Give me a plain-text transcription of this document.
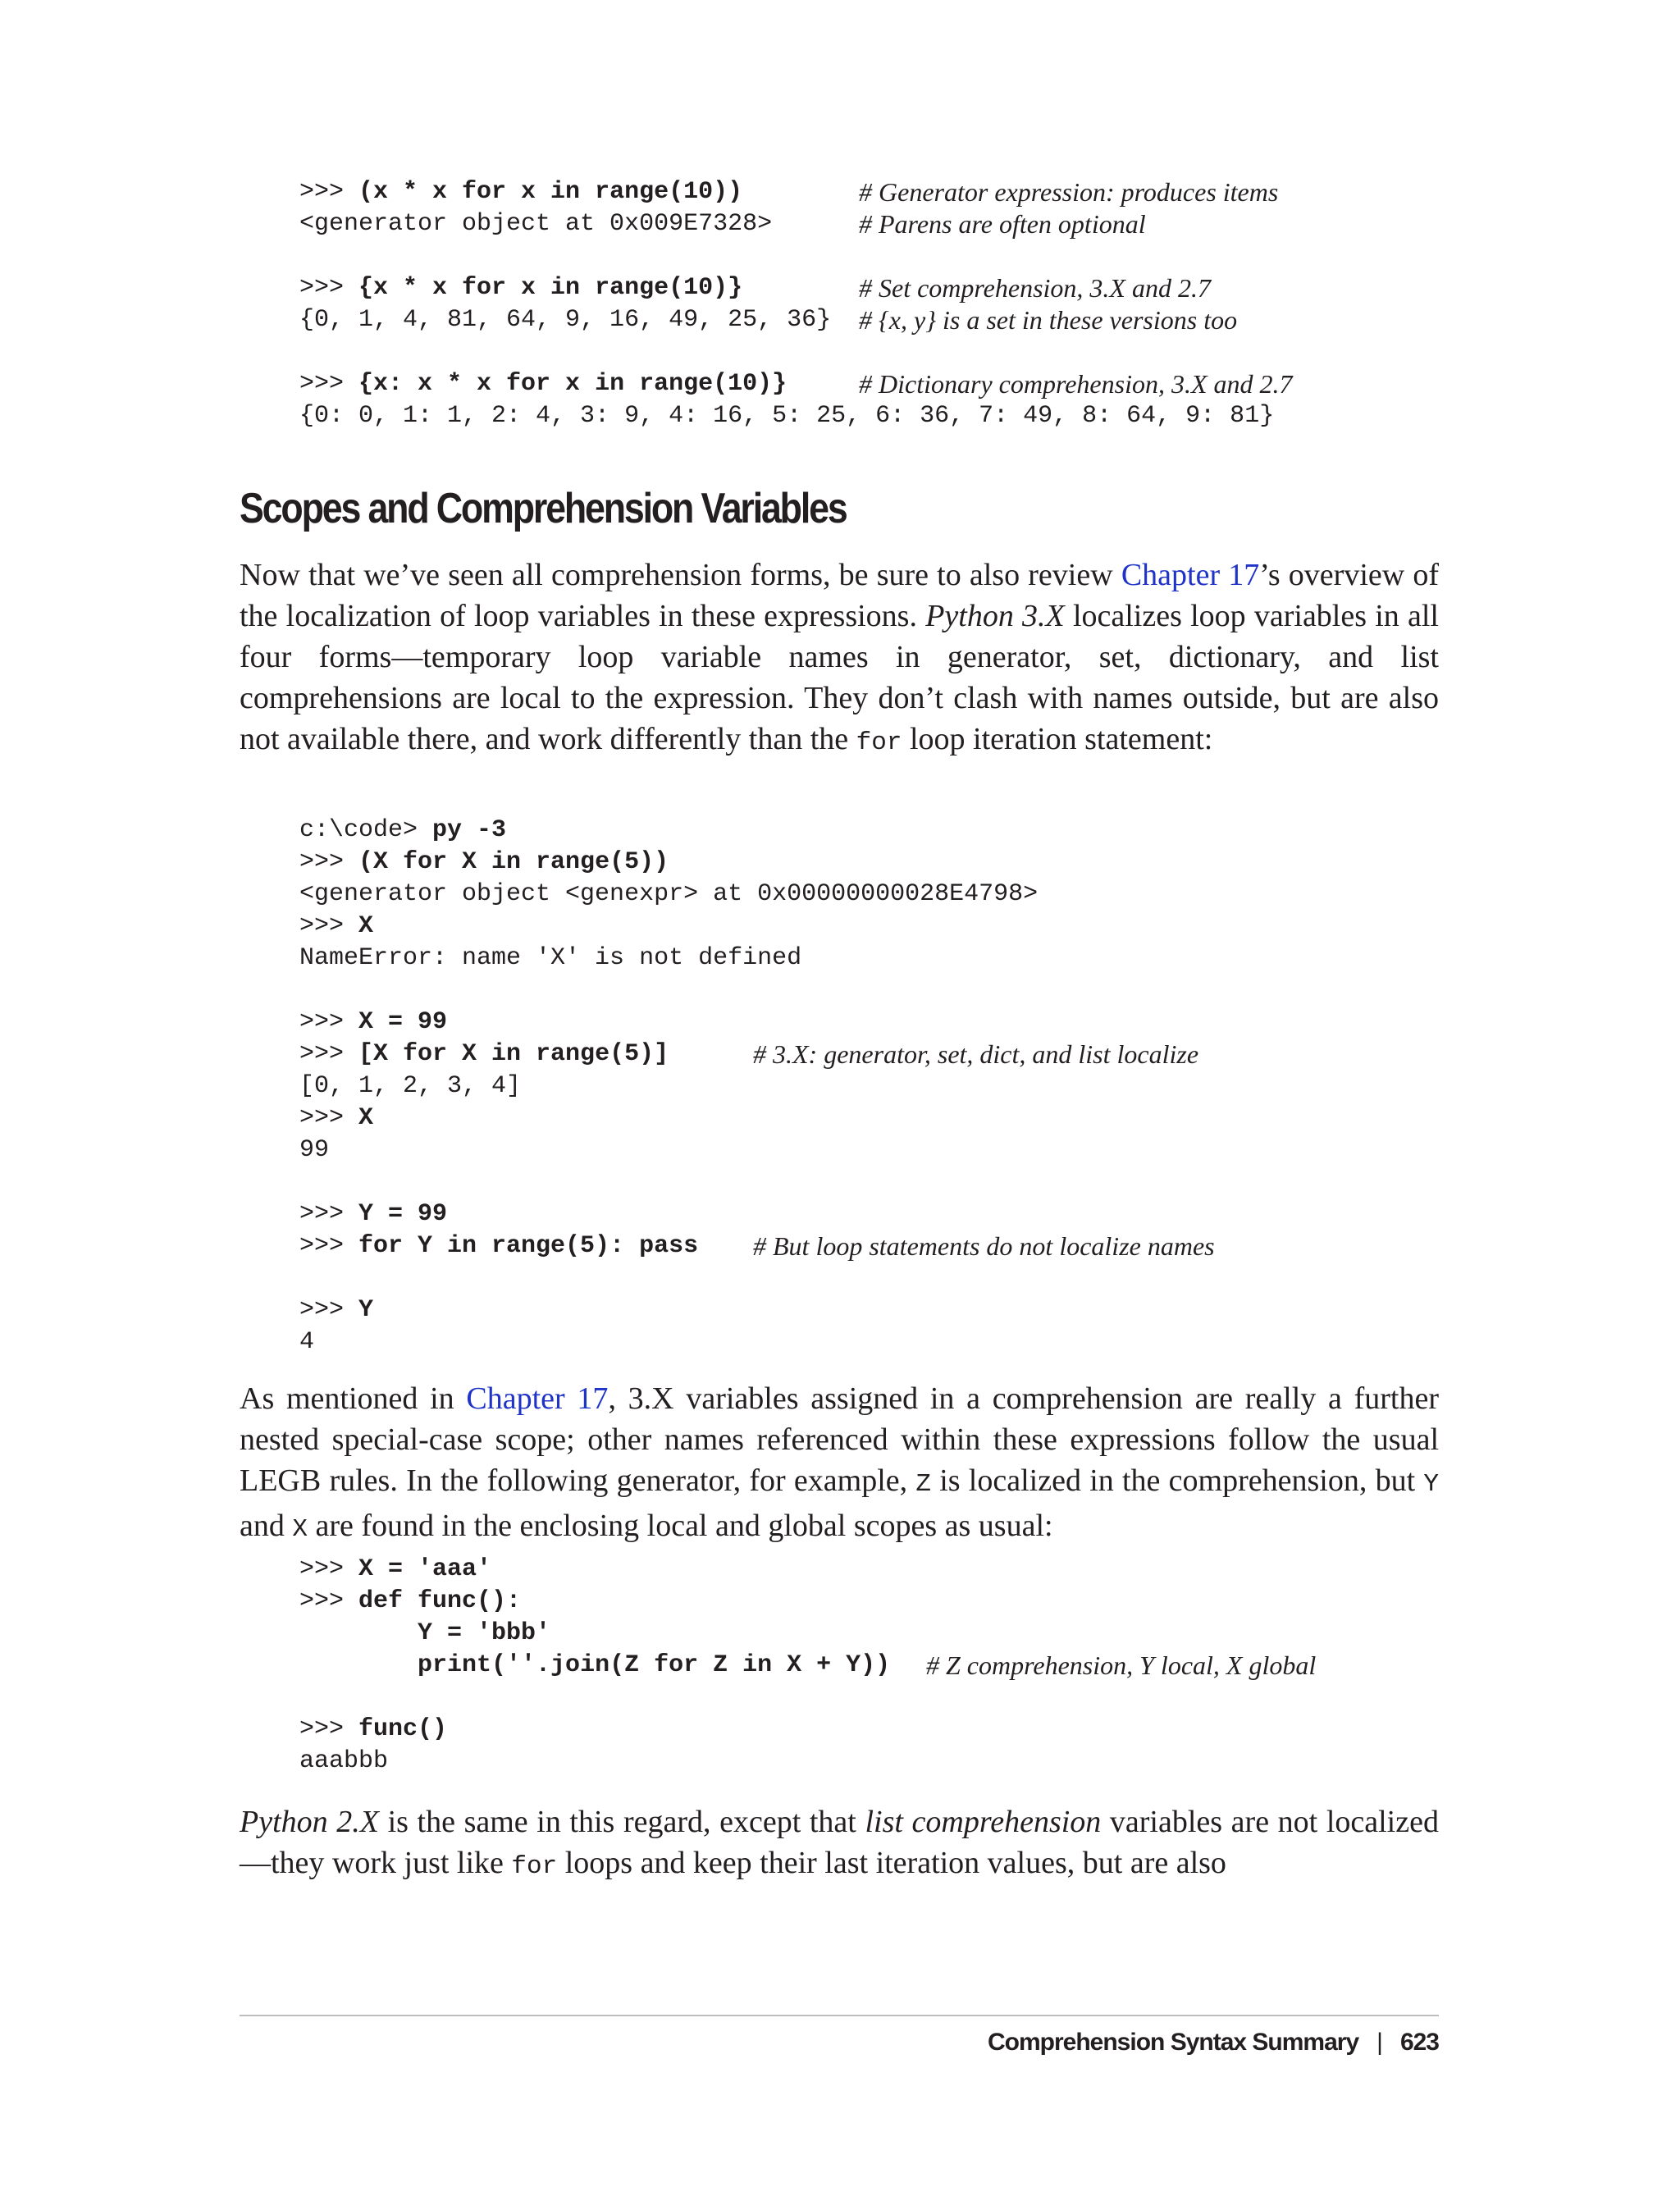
>>> (x * x for x in range(10))	# Generator expression: produces items
<generator object at 0x009E7328>	# Parens are often optional
>>> {x * x for x in range(10)}	# Set comprehension, 3.X and 2.7
{0, 1, 4, 81, 64, 9, 16, 49, 25, 36} # {x, y} is a set in these versions too
>>> {x: x * x for x in range(10)}	# Dictionary comprehension, 3.X and 2.7
{0: 0, 1: 1, 2: 4, 3: 9, 4: 16, 5: 25, 6: 36, 7: 49, 8: 64, 9: 81}
Scopes and Comprehension Variables

Now that we’ve seen all comprehension forms, be sure to also review Chapter 17’s overview of the localization of loop variables in these expressions. Python 3.X localizes loop variables in all four forms—temporary loop variable names in generator, set, dictionary, and list comprehensions are local to the expression. They don’t clash with names outside, but are also not available there, and work differently than the for loop iteration statement:

c:\code> py -3
>>> (X for X in range(5))
<generator object <genexpr> at 0x00000000028E4798>
>>> X
NameError: name 'X' is not defined
>>> X = 99
>>> [X for X in range(5)]	# 3.X: generator, set, dict, and list localize
[0, 1, 2, 3, 4]
>>> X
99
>>> Y = 99
>>> for Y in range(5): pass # But loop statements do not localize names
>>> Y
4

As mentioned in Chapter 17, 3.X variables assigned in a comprehension are really a further nested special-case scope; other names referenced within these expressions follow the usual LEGB rules. In the following generator, for example, Z is localized in the comprehension, but Y and X are found in the enclosing local and global scopes as usual:

>>> X = 'aaa'
>>> def func():
Y = 'bbb'
print(''.join(Z for Z in X + Y)) # Z comprehension, Y local, X global
>>> func()
aaabbb

Python 2.X is the same in this regard, except that list comprehension variables are not localized—they work just like for loops and keep their last iteration values, but are also

Comprehension Syntax Summary | 623
